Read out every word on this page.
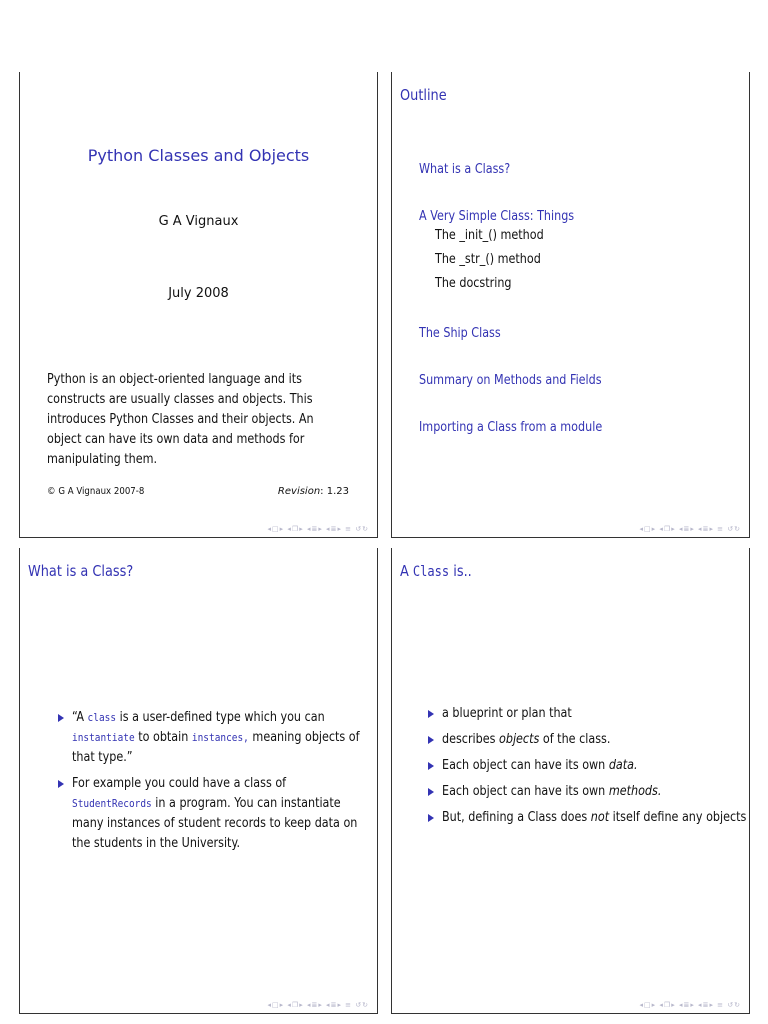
Python Classes and Objects
G A Vignaux
July 2008
Python is an object-oriented language and its constructs are usually classes and objects. This introduces Python Classes and their objects. An object can have its own data and methods for manipulating them.
© G A Vignaux 2007-8	Revision: 1.23
◂□▸ ◂❐▸ ◂≣▸ ◂≣▸ ≡ ↺↻
Outline
What is a Class?
A Very Simple Class: Things
The _init_() method
The _str_() method
The docstring
The Ship Class
Summary on Methods and Fields
Importing a Class from a module
◂□▸ ◂❐▸ ◂≣▸ ◂≣▸ ≡ ↺↻
What is a Class?
“A class is a user-defined type which you can instantiate to obtain instances, meaning objects of that type.”
For example you could have a class of StudentRecords in a program. You can instantiate many instances of student records to keep data on the students in the University.
◂□▸ ◂❐▸ ◂≣▸ ◂≣▸ ≡ ↺↻
A Class is..
a blueprint or plan that
describes objects of the class.
Each object can have its own data.
Each object can have its own methods.
But, defining a Class does not itself define any objects
◂□▸ ◂❐▸ ◂≣▸ ◂≣▸ ≡ ↺↻
